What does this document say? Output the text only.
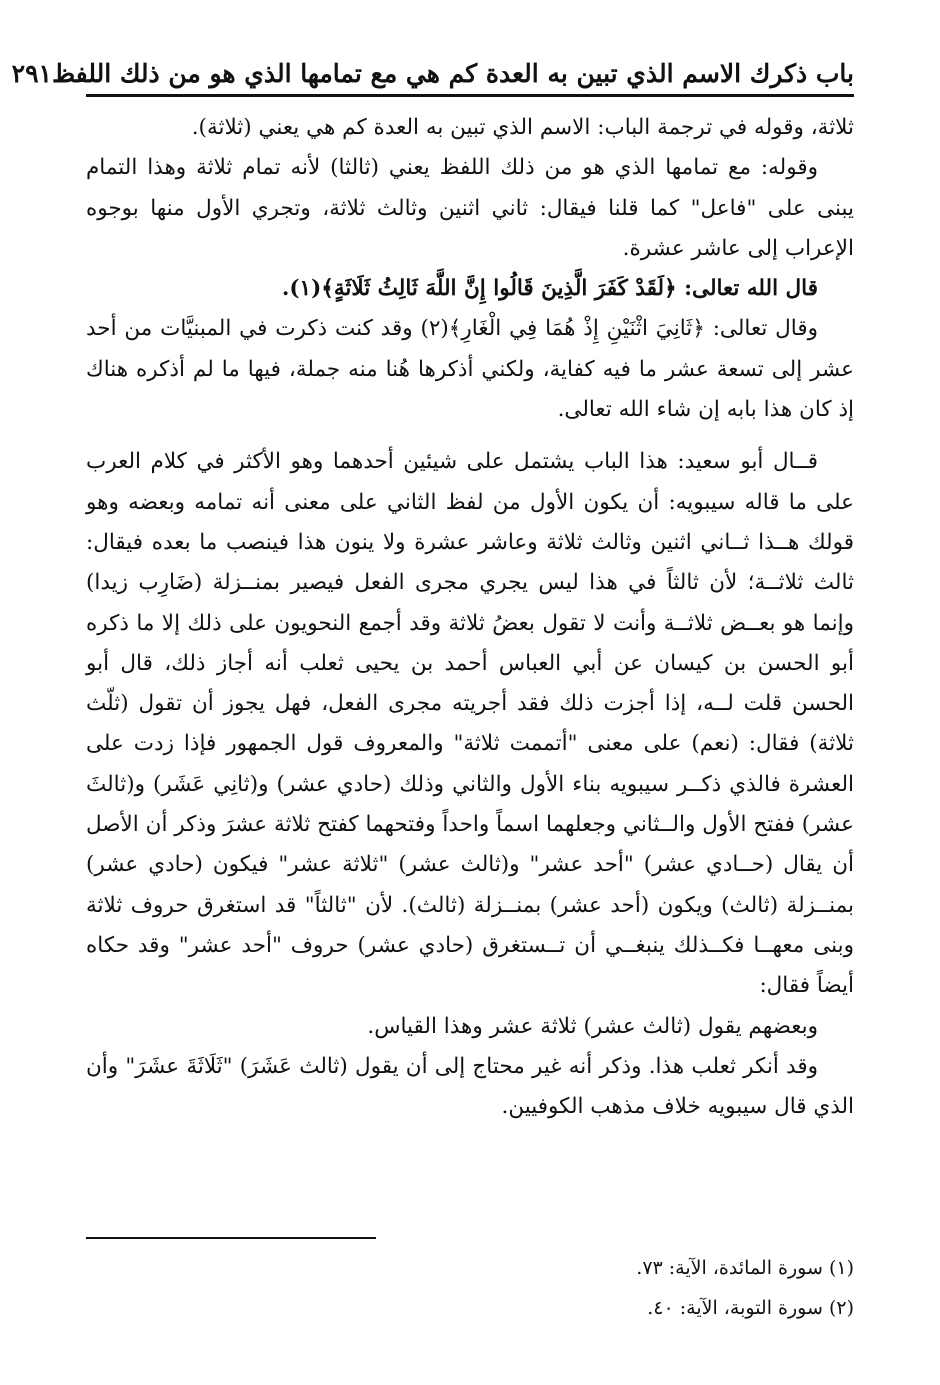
باب ذكرك الاسم الذي تبين به العدة كم هي مع تمامها الذي هو من ذلك اللفظ
٢٩١

ثلاثة، وقوله في ترجمة الباب: الاسم الذي تبين به العدة كم هي يعني (ثلاثة).

وقوله: مع تمامها الذي هو من ذلك اللفظ يعني (ثالثا) لأنه تمام ثلاثة وهذا التمام يبنى على "فاعل" كما قلنا فيقال: ثاني اثنين وثالث ثلاثة، وتجري الأول منها بوجوه الإعراب إلى عاشر عشرة.

قال الله تعالى: ﴿لَقَدْ كَفَرَ الَّذِينَ قَالُوا إِنَّ اللَّهَ ثَالِثُ ثَلَاثَةٍ﴾(١).

وقال تعالى: ﴿ثَانِيَ اثْنَيْنِ إِذْ هُمَا فِي الْغَارِ﴾(٢) وقد كنت ذكرت في المبنيَّات من أحد عشر إلى تسعة عشر ما فيه كفاية، ولكني أذكرها هُنا منه جملة، فيها ما لم أذكره هناك إذ كان هذا بابه إن شاء الله تعالى.

قــال أبو سعيد: هذا الباب يشتمل على شيئين أحدهما وهو الأكثر في كلام العرب على ما قاله سيبويه: أن يكون الأول من لفظ الثاني على معنى أنه تمامه وبعضه وهو قولك هــذا ثــاني اثنين وثالث ثلاثة وعاشر عشرة ولا ينون هذا فينصب ما بعده فيقال: ثالث ثلاثــة؛ لأن ثالثاً في هذا ليس يجري مجرى الفعل فيصير بمنــزلة (ضَارِب زيدا) وإنما هو بعــض ثلاثــة وأنت لا تقول بعضُ ثلاثة وقد أجمع النحويون على ذلك إلا ما ذكره أبو الحسن بن كيسان عن أبي العباس أحمد بن يحيى ثعلب أنه أجاز ذلك، قال أبو الحسن قلت لــه، إذا أجزت ذلك فقد أجريته مجرى الفعل، فهل يجوز أن تقول (ثلّث ثلاثة) فقال: (نعم) على معنى "أتممت ثلاثة" والمعروف قول الجمهور فإذا زدت على العشرة فالذي ذكــر سيبويه بناء الأول والثاني وذلك (حادي عشر) و(ثانِي عَشَر) و(ثالثَ عشر) ففتح الأول والــثاني وجعلهما اسماً واحداً وفتحهما كفتح ثلاثة عشرَ وذكر أن الأصل أن يقال (حــادي عشر) "أحد عشر" و(ثالث عشر) "ثلاثة عشر" فيكون (حادي عشر) بمنــزلة (ثالث) ويكون (أحد عشر) بمنــزلة (ثالث). لأن "ثالثاً" قد استغرق حروف ثلاثة وبنى معهــا فكــذلك ينبغــي أن تــستغرق (حادي عشر) حروف "أحد عشر" وقد حكاه أيضاً فقال:

وبعضهم يقول (ثالث عشر) ثلاثة عشر وهذا القياس.

وقد أنكر ثعلب هذا. وذكر أنه غير محتاج إلى أن يقول (ثالث عَشَرَ) "ثَلَاثَةَ عشَرَ" وأن الذي قال سيبويه خلاف مذهب الكوفيين.

(١) سورة المائدة، الآية: ٧٣.

(٢) سورة التوبة، الآية: ٤٠.
